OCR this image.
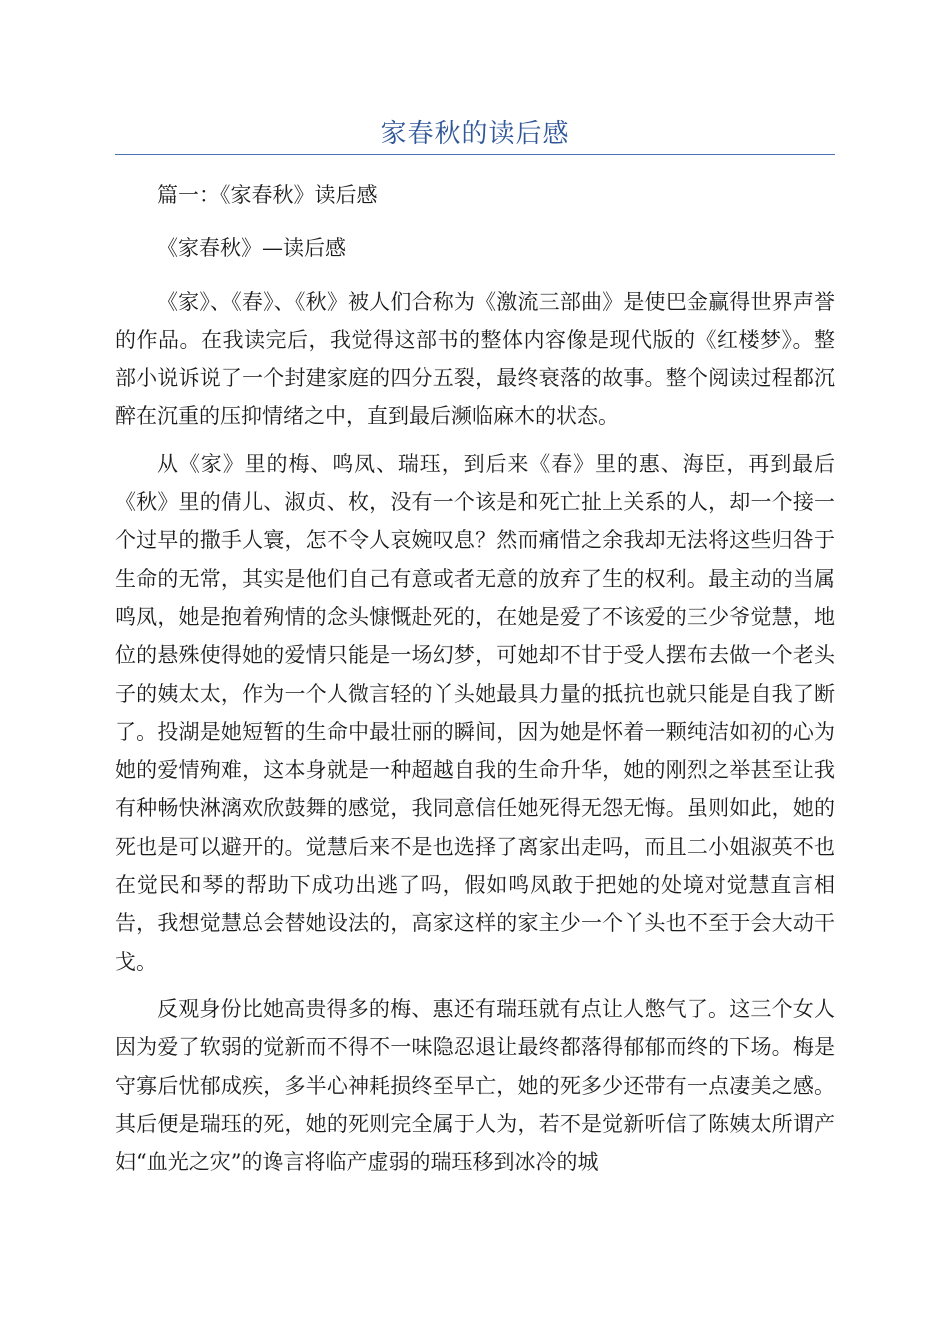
家春秋的读后感

篇一：《家春秋》读后感

《家春秋》—读后感

《家》、《春》、《秋》被人们合称为《激流三部曲》是使巴金赢得世界声誉的作品。在我读完后，我觉得这部书的整体内容像是现代版的《红楼梦》。整部小说诉说了一个封建家庭的四分五裂，最终衰落的故事。整个阅读过程都沉醉在沉重的压抑情绪之中，直到最后濒临麻木的状态。

从《家》里的梅、鸣凤、瑞珏，到后来《春》里的惠、海臣，再到最后《秋》里的倩儿、淑贞、枚，没有一个该是和死亡扯上关系的人，却一个接一个过早的撒手人寰，怎不令人哀婉叹息？然而痛惜之余我却无法将这些归咎于生命的无常，其实是他们自己有意或者无意的放弃了生的权利。最主动的当属鸣凤，她是抱着殉情的念头慷慨赴死的，在她是爱了不该爱的三少爷觉慧，地位的悬殊使得她的爱情只能是一场幻梦，可她却不甘于受人摆布去做一个老头子的姨太太，作为一个人微言轻的丫头她最具力量的抵抗也就只能是自我了断了。投湖是她短暂的生命中最壮丽的瞬间，因为她是怀着一颗纯洁如初的心为她的爱情殉难，这本身就是一种超越自我的生命升华，她的刚烈之举甚至让我有种畅快淋漓欢欣鼓舞的感觉，我同意信任她死得无怨无悔。虽则如此，她的死也是可以避开的。觉慧后来不是也选择了离家出走吗，而且二小姐淑英不也在觉民和琴的帮助下成功出逃了吗，假如鸣凤敢于把她的处境对觉慧直言相告，我想觉慧总会替她设法的，高家这样的家主少一个丫头也不至于会大动干戈。

反观身份比她高贵得多的梅、惠还有瑞珏就有点让人憋气了。这三个女人因为爱了软弱的觉新而不得不一味隐忍退让最终都落得郁郁而终的下场。梅是守寡后忧郁成疾，多半心神耗损终至早亡，她的死多少还带有一点凄美之感。其后便是瑞珏的死，她的死则完全属于人为，若不是觉新听信了陈姨太所谓产妇“血光之灾”的谗言将临产虚弱的瑞珏移到冰冷的城
